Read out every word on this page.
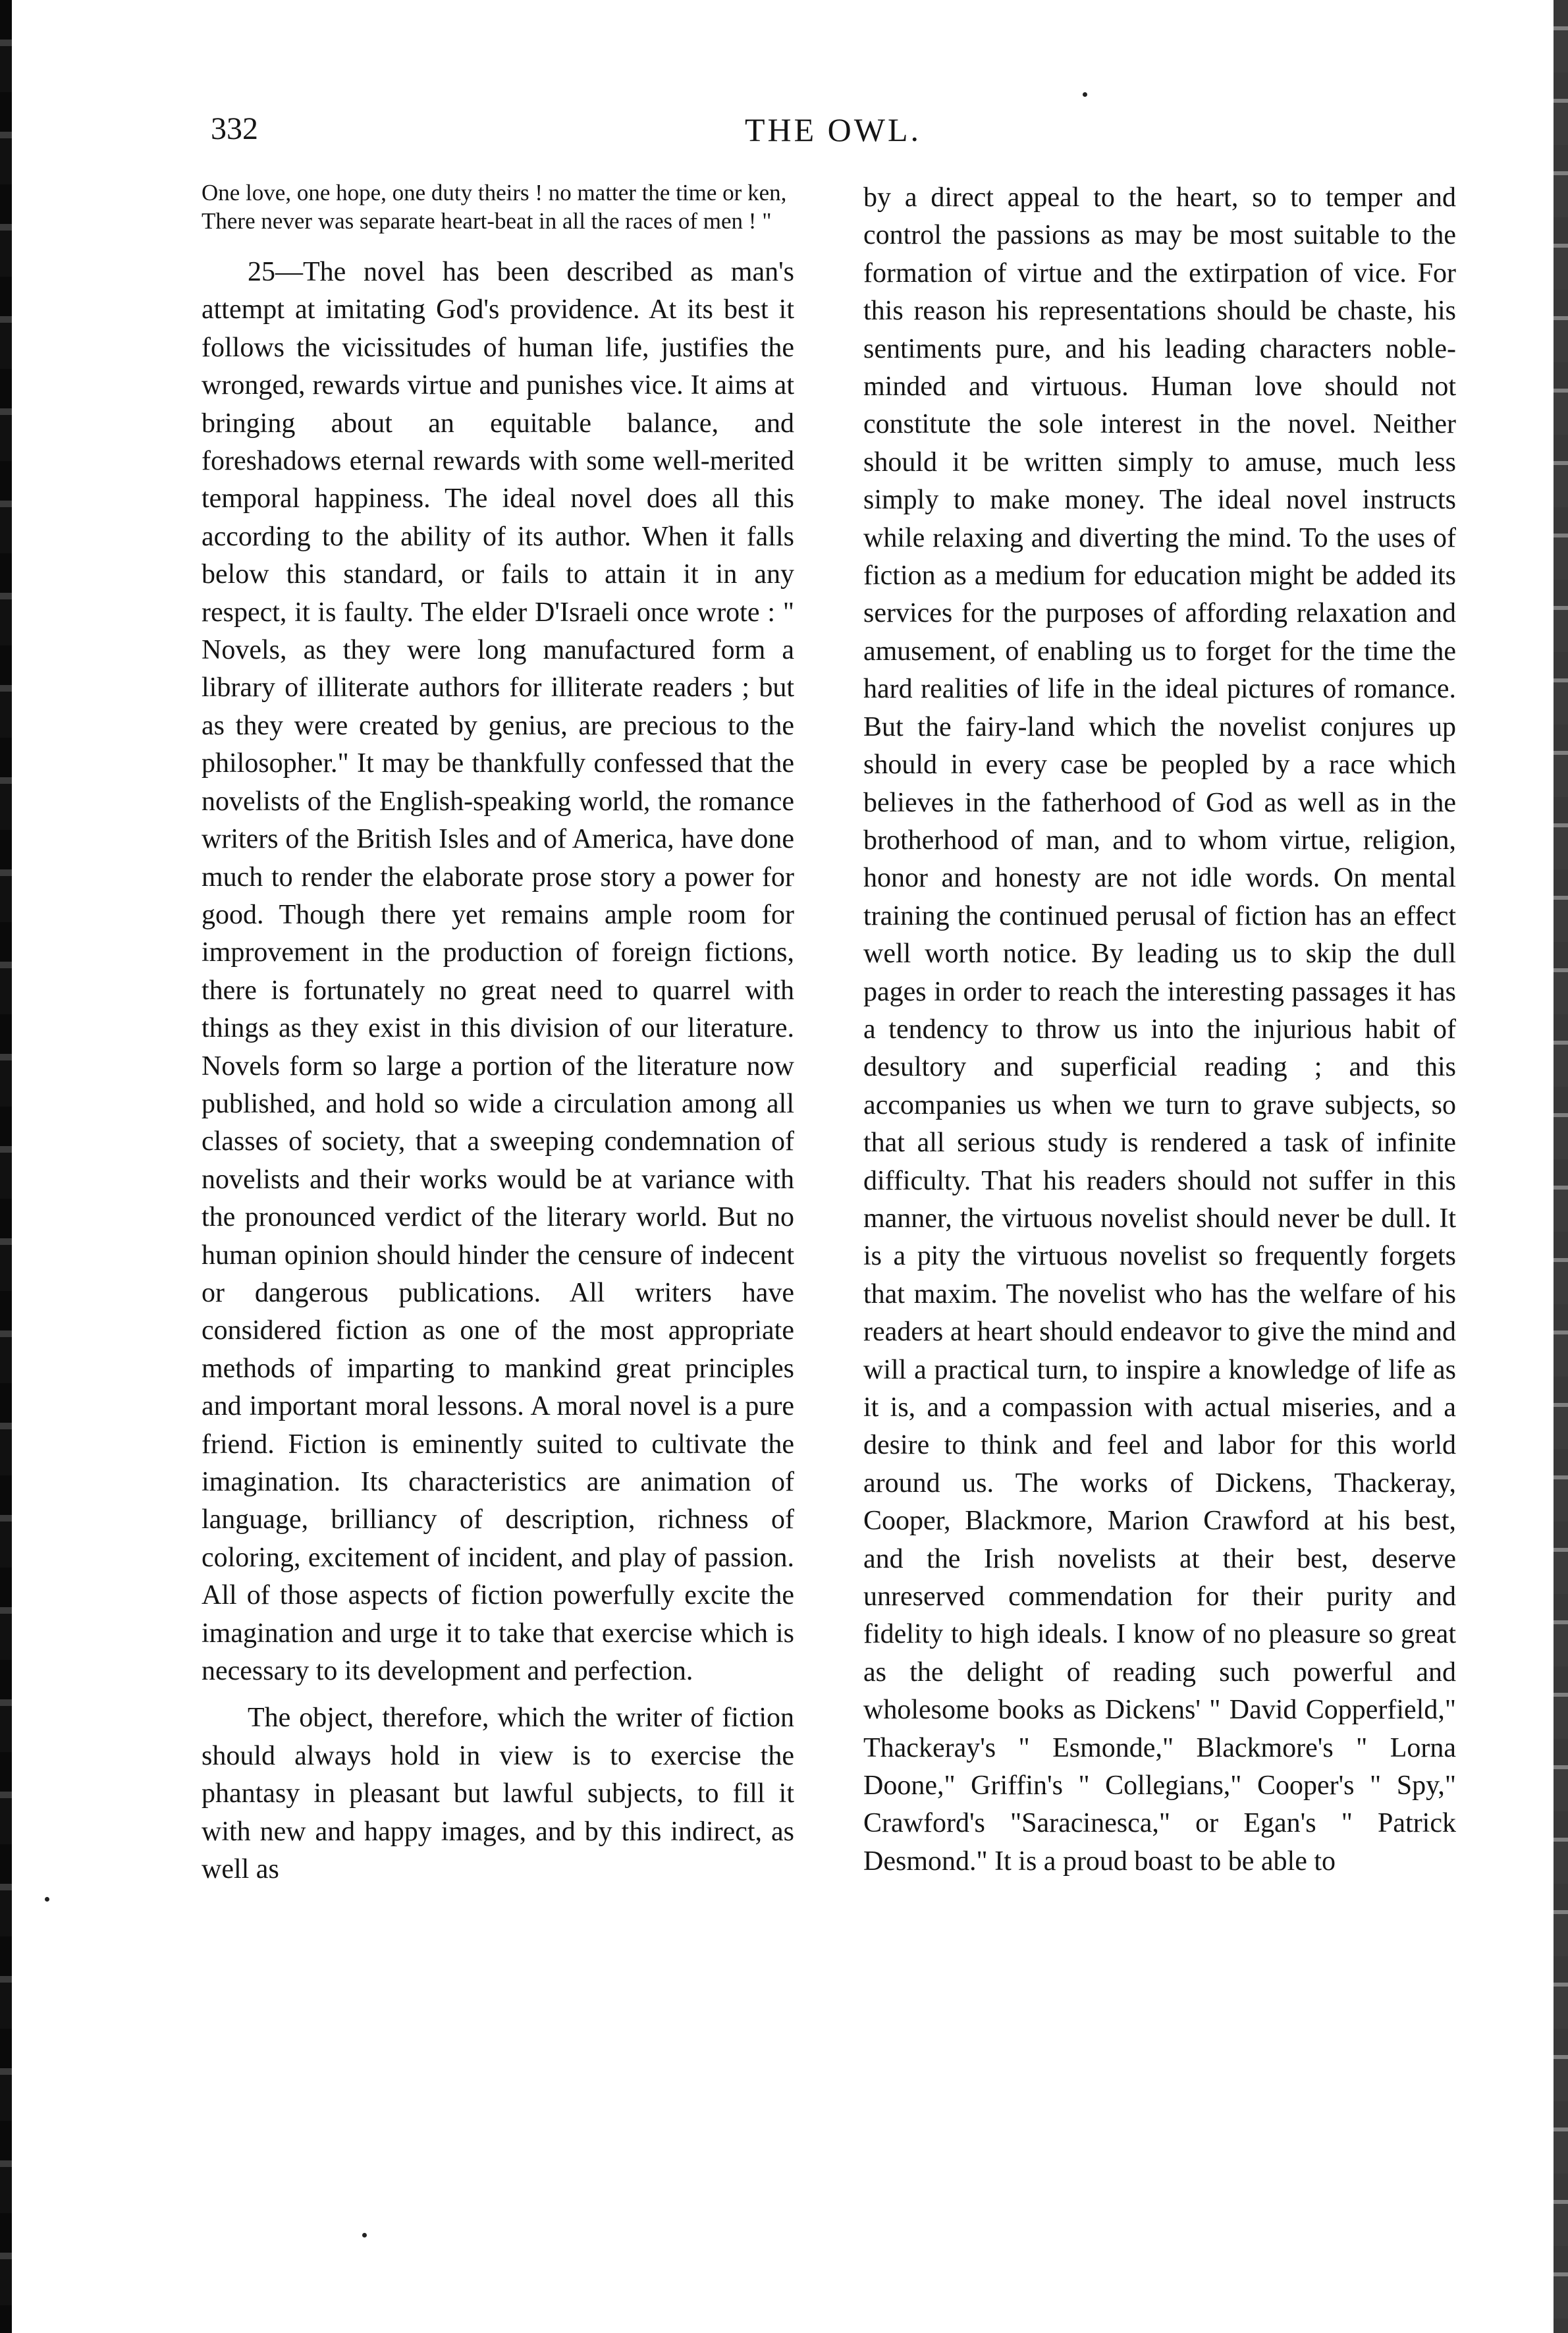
332	THE OWL.
One love, one hope, one duty theirs ! no matter the time or ken,
There never was separate heart-beat in all the races of men ! "

25—The novel has been described as man's attempt at imitating God's providence. At its best it follows the vicissitudes of human life, justifies the wronged, rewards virtue and punishes vice. It aims at bringing about an equitable balance, and foreshadows eternal rewards with some well-merited temporal happiness. The ideal novel does all this according to the ability of its author. When it falls below this standard, or fails to attain it in any respect, it is faulty. The elder D'Israeli once wrote : " Novels, as they were long manufactured form a library of illiterate authors for illiterate readers ; but as they were created by genius, are precious to the philosopher." It may be thankfully confessed that the novelists of the English-speaking world, the romance writers of the British Isles and of America, have done much to render the elaborate prose story a power for good. Though there yet remains ample room for improvement in the production of foreign fictions, there is fortunately no great need to quarrel with things as they exist in this division of our literature. Novels form so large a portion of the literature now published, and hold so wide a circulation among all classes of society, that a sweeping condemnation of novelists and their works would be at variance with the pronounced verdict of the literary world. But no human opinion should hinder the censure of indecent or dangerous publications. All writers have considered fiction as one of the most appropriate methods of imparting to mankind great principles and important moral lessons. A moral novel is a pure friend. Fiction is eminently suited to cultivate the imagination. Its characteristics are animation of language, brilliancy of description, richness of coloring, excitement of incident, and play of passion. All of those aspects of fiction powerfully excite the imagination and urge it to take that exercise which is necessary to its development and perfection.

The object, therefore, which the writer of fiction should always hold in view is to exercise the phantasy in pleasant but lawful subjects, to fill it with new and happy images, and by this indirect, as well as

by a direct appeal to the heart, so to temper and control the passions as may be most suitable to the formation of virtue and the extirpation of vice. For this reason his representations should be chaste, his sentiments pure, and his leading characters noble-minded and virtuous. Human love should not constitute the sole interest in the novel. Neither should it be written simply to amuse, much less simply to make money. The ideal novel instructs while relaxing and diverting the mind. To the uses of fiction as a medium for education might be added its services for the purposes of affording relaxation and amusement, of enabling us to forget for the time the hard realities of life in the ideal pictures of romance. But the fairy-land which the novelist conjures up should in every case be peopled by a race which believes in the fatherhood of God as well as in the brotherhood of man, and to whom virtue, religion, honor and honesty are not idle words. On mental training the continued perusal of fiction has an effect well worth notice. By leading us to skip the dull pages in order to reach the interesting passages it has a tendency to throw us into the injurious habit of desultory and superficial reading ; and this accompanies us when we turn to grave subjects, so that all serious study is rendered a task of infinite difficulty. That his readers should not suffer in this manner, the virtuous novelist should never be dull. It is a pity the virtuous novelist so frequently forgets that maxim. The novelist who has the welfare of his readers at heart should endeavor to give the mind and will a practical turn, to inspire a knowledge of life as it is, and a compassion with actual miseries, and a desire to think and feel and labor for this world around us. The works of Dickens, Thackeray, Cooper, Blackmore, Marion Crawford at his best, and the Irish novelists at their best, deserve unreserved commendation for their purity and fidelity to high ideals. I know of no pleasure so great as the delight of reading such powerful and wholesome books as Dickens' " David Copperfield," Thackeray's " Esmonde," Blackmore's " Lorna Doone," Griffin's " Collegians," Cooper's " Spy," Crawford's "Saracinesca," or Egan's " Patrick Desmond." It is a proud boast to be able to
